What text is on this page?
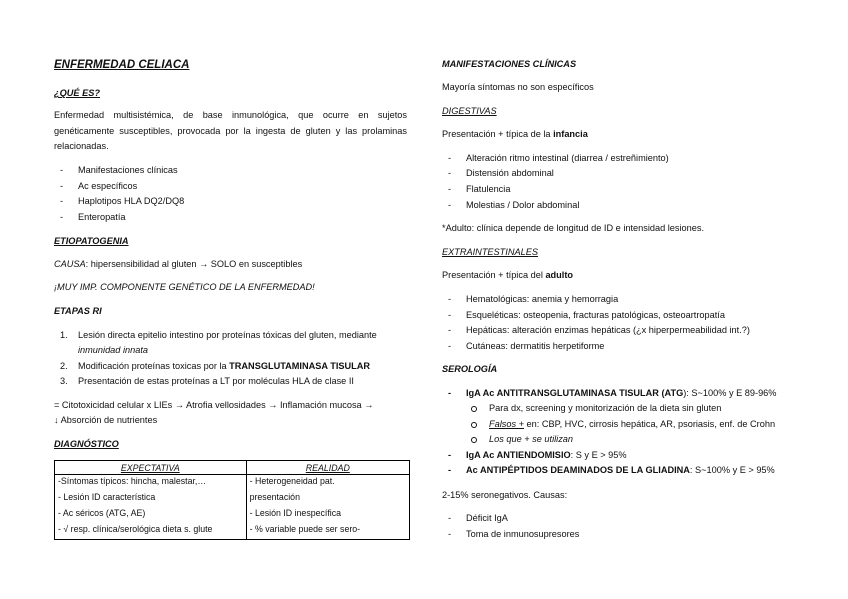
ENFERMEDAD CELIACA
¿QUÉ ES?
Enfermedad multisistémica, de base inmunológica, que ocurre en sujetos genéticamente susceptibles, provocada por la ingesta de gluten y las prolaminas relacionadas.
- Manifestaciones clínicas
- Ac específicos
- Haplotipos HLA DQ2/DQ8
- Enteropatía
ETIOPATOGENIA
CAUSA: hipersensibilidad al gluten → SOLO en susceptibles
¡MUY IMP. COMPONENTE GENÉTICO DE LA ENFERMEDAD!
ETAPAS RI
1. Lesión directa epitelio intestino por proteínas tóxicas del gluten, mediante
inmunidad innata
2. Modificación proteínas toxicas por la TRANSGLUTAMINASA TISULAR
3. Presentación de estas proteínas a LT por moléculas HLA de clase II
= Citotoxicidad celular x LIEs → Atrofia vellosidades → Inflamación mucosa →
↓ Absorción de nutrientes
DIAGNÓSTICO
EXPECTATIVA	REALIDAD
-Síntomas típicos: hincha, malestar,…	- Heterogeneidad pat.
- Lesión ID característica	presentación
- Ac séricos (ATG, AE)	- Lesión ID inespecífica
- √ resp. clínica/serológica dieta s. glute	- % variable puede ser sero-
MANIFESTACIONES CLÍNICAS
Mayoría síntomas no son específicos
DIGESTIVAS
Presentación + típica de la infancia
- Alteración ritmo intestinal (diarrea / estreñimiento)
- Distensión abdominal
- Flatulencia
- Molestias / Dolor abdominal
*Adulto: clínica depende de longitud de ID e intensidad lesiones.
EXTRAINTESTINALES
Presentación + típica del adulto
- Hematológicas: anemia y hemorragia
- Esqueléticas: osteopenia, fracturas patológicas, osteoartropatía
- Hepáticas: alteración enzimas hepáticas (¿x hiperpermeabilidad int.?)
- Cutáneas: dermatitis herpetiforme
SEROLOGÍA
- IgA Ac ANTITRANSGLUTAMINASA TISULAR (ATG): S~100% y E 89-96%
Para dx, screening y monitorización de la dieta sin gluten
Falsos + en: CBP, HVC, cirrosis hepática, AR, psoriasis, enf. de Crohn
Los que + se utilizan
- IgA Ac ANTIENDOMISIO: S y E > 95%
- Ac ANTIPÉPTIDOS DEAMINADOS DE LA GLIADINA: S~100% y E > 95%
2-15% seronegativos. Causas:
- Déficit IgA
- Toma de inmunosupresores
